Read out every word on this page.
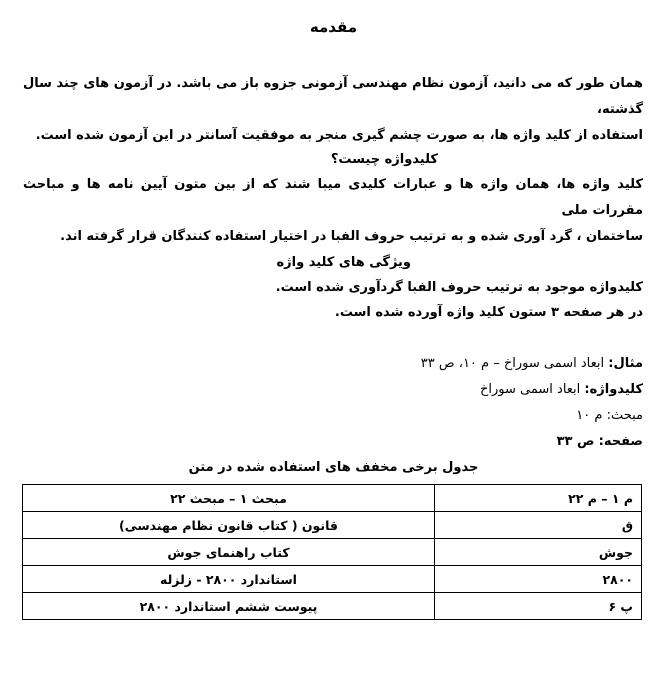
مقدمه
همان طور که می دانید، آزمون نظام مهندسی آزمونی جزوه باز می باشد. در آزمون های چند سال گذشته،
استفاده از کلید واژه ها، به صورت چشم گیری منجر به موفقیت آسانتر در این آزمون شده است.
کلیدواژه چیست؟
کلید واژه ها، همان واژه ها و عبارات کلیدی میبا شند که از بین متون آیین نامه ها و مباحث مقررات ملی
ساختمان ، گرد آوری شده و به ترتیب حروف الفبا در اختیار استفاده کنندگان قرار گرفته اند.
ویژگی های کلید واژه
کلیدواژه موجود به ترتیب حروف الفبا گردآوری شده است.
در هر صفحه ۳ ستون کلید واژه آورده شده است.
مثال: ابعاد اسمی سوراخ – م ۱۰، ص ۳۳
کلیدواژه: ابعاد اسمی سوراخ
مبحث: م ۱۰
صفحه: ص ۳۳
جدول برخی مخفف های استفاده شده در متن
م ۱ – م ۲۲	مبحث ۱ – مبحث ۲۲
ق	قانون ( کتاب قانون نظام مهندسی)
جوش	کتاب راهنمای جوش
۲۸۰۰	استاندارد ۲۸۰۰ - زلزله
پ ۶	پیوست ششم استاندارد ۲۸۰۰
